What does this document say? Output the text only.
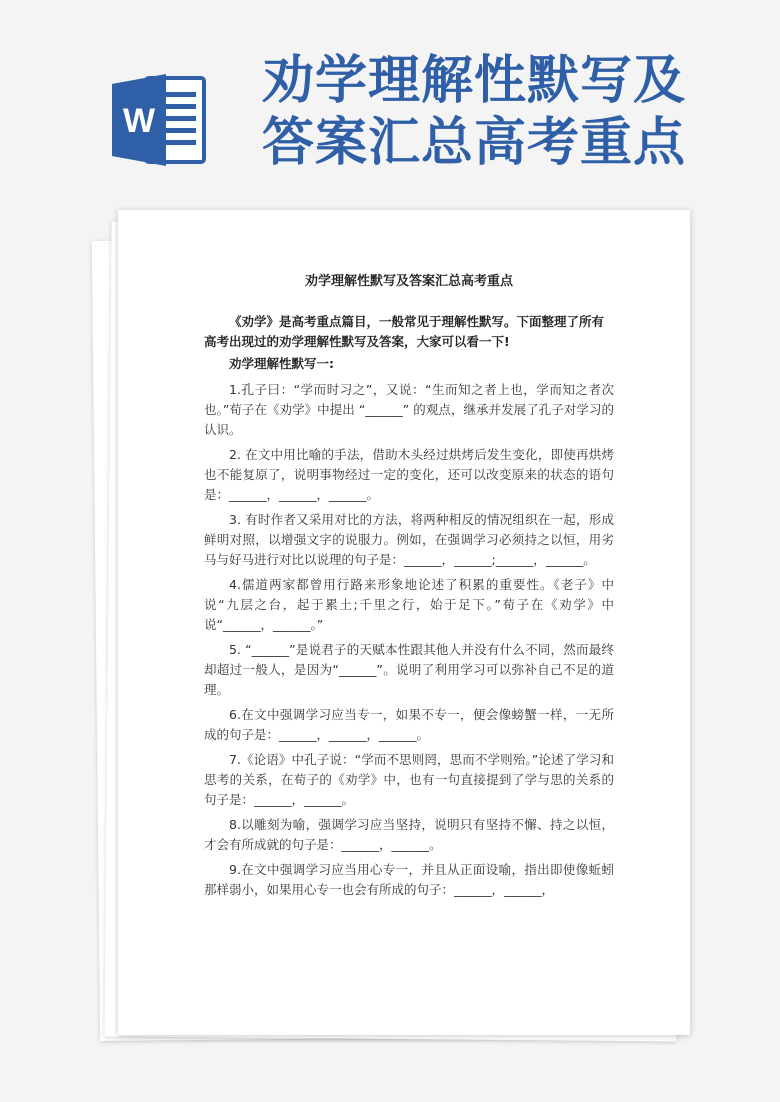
W
劝学理解性默写及
答案汇总高考重点
劝学理解性默写及答案汇总高考重点

《劝学》是高考重点篇目，一般常见于理解性默写。下面整理了所有高考出现过的劝学理解性默写及答案，大家可以看一下!

劝学理解性默写一:

1.孔子曰：“学而时习之”，又说：“生而知之者上也，学而知之者次也。”荀子在《劝学》中提出 “______” 的观点，继承并发展了孔子对学习的认识。

2. 在文中用比喻的手法，借助木头经过烘烤后发生变化，即使再烘烤也不能复原了，说明事物经过一定的变化，还可以改变原来的状态的语句是：______，______，______。

3. 有时作者又采用对比的方法，将两种相反的情况组织在一起，形成鲜明对照，以增强文字的说服力。例如，在强调学习必须持之以恒，用劣马与好马进行对比以说理的句子是：______，______;______，______。

4.儒道两家都曾用行路来形象地论述了积累的重要性。《老子》中说“九层之台，起于累土;千里之行，始于足下。”荀子在《劝学》中说“______，______。”

5. “______”是说君子的天赋本性跟其他人并没有什么不同，然而最终却超过一般人，是因为“______”。说明了利用学习可以弥补自己不足的道理。

6.在文中强调学习应当专一，如果不专一，便会像螃蟹一样，一无所成的句子是：______，______，______。

7.《论语》中孔子说：“学而不思则罔，思而不学则殆。”论述了学习和思考的关系，在荀子的《劝学》中，也有一句直接提到了学与思的关系的句子是：______，______。

8.以雕刻为喻，强调学习应当坚持，说明只有坚持不懈、持之以恒，才会有所成就的句子是：______，______。

9.在文中强调学习应当用心专一，并且从正面设喻，指出即使像蚯蚓那样弱小，如果用心专一也会有所成的句子：______，______，
